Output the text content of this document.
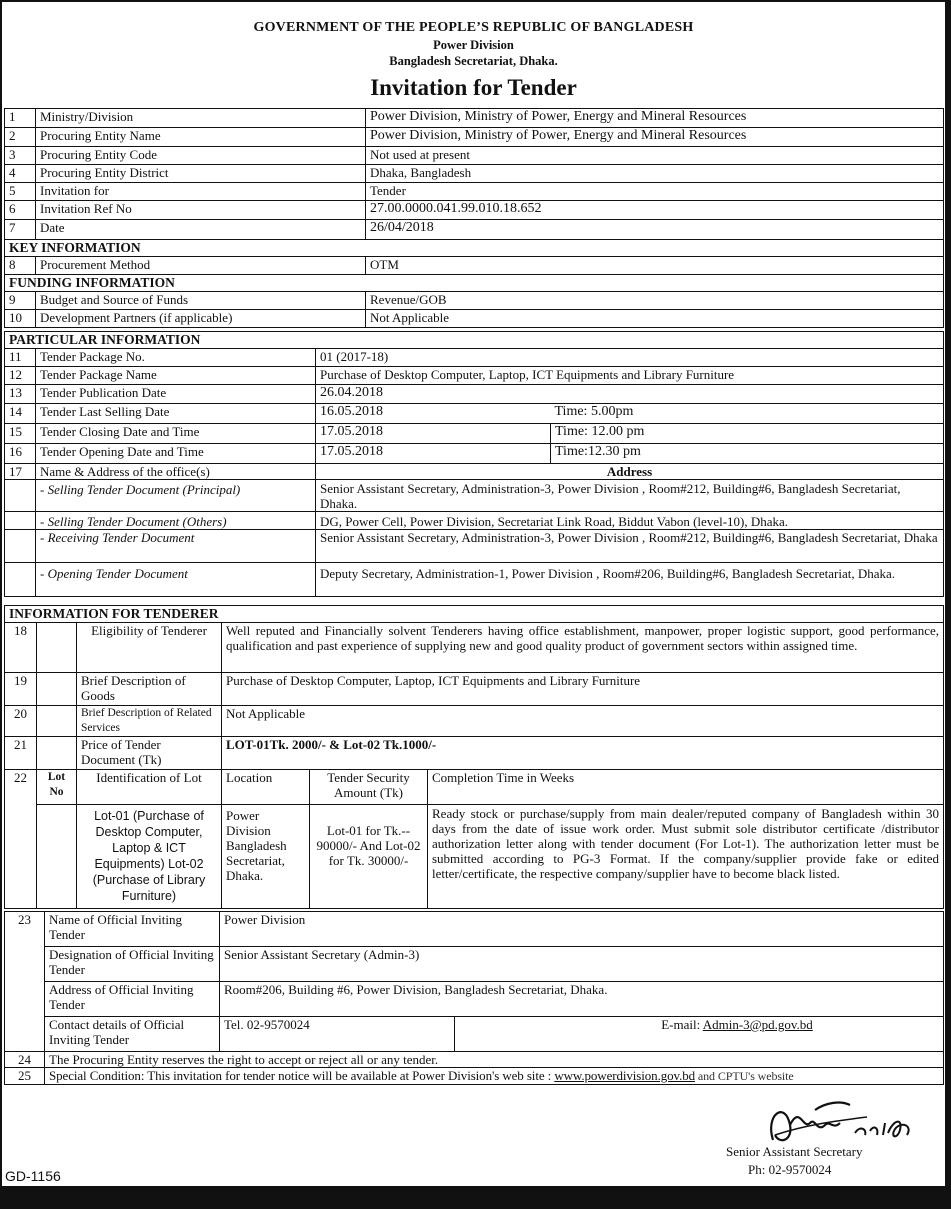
GOVERNMENT OF THE PEOPLE’S REPUBLIC OF BANGLADESH
Power Division
Bangladesh Secretariat, Dhaka.
Invitation for Tender
1	Ministry/Division	Power Division, Ministry of Power, Energy and Mineral Resources
2	Procuring Entity Name	Power Division, Ministry of Power, Energy and Mineral Resources
3	Procuring Entity Code	Not used at present
4	Procuring Entity District	Dhaka, Bangladesh
5	Invitation for	Tender
6	Invitation Ref No	27.00.0000.041.99.010.18.652
7	Date	26/04/2018
KEY INFORMATION		
8	Procurement Method	OTM
FUNDING INFORMATION		
9	Budget and Source of Funds	Revenue/GOB
10	Development Partners (if applicable)	Not Applicable
PARTICULAR INFORMATION			
11	Tender Package No.	01 (2017-18)	
12	Tender Package Name	Purchase of Desktop Computer, Laptop, ICT Equipments and Library Furniture	
13	Tender Publication Date	26.04.2018	
14	Tender Last Selling Date	16.05.2018	Time: 5.00pm
15	Tender Closing Date and Time	17.05.2018	Time: 12.00 pm
16	Tender Opening Date and Time	17.05.2018	Time:12.30 pm
17	Name & Address of the office(s)	Address	
	- Selling Tender Document (Principal)	Senior Assistant Secretary, Administration-3, Power Division , Room#212, Building#6, Bangladesh Secretariat, Dhaka.	
	- Selling Tender Document (Others)	DG, Power Cell, Power Division, Secretariat Link Road, Biddut Vabon (level-10), Dhaka.	
	- Receiving Tender Document	Senior Assistant Secretary, Administration-3, Power Division , Room#212, Building#6, Bangladesh Secretariat, Dhaka	
	- Opening Tender Document	Deputy Secretary, Administration-1, Power Division , Room#206, Building#6, Bangladesh Secretariat, Dhaka.	
INFORMATION FOR TENDERER					
18		Eligibility of Tenderer	Well reputed and Financially solvent Tenderers having office establishment, manpower, proper logistic support, good performance, qualification and past experience of supplying new and good quality product of government sectors within assigned time.		
19		Brief Description of Goods	Purchase of Desktop Computer, Laptop, ICT Equipments and Library Furniture		
20		Brief Description of Related Services	Not Applicable		
21		Price of Tender Document (Tk)	LOT-01Tk. 2000/- & Lot-02 Tk.1000/-		
22	Lot No	Identification of Lot	Location	Tender Security Amount (Tk)	Completion Time in Weeks
		Lot-01 (Purchase of Desktop Computer, Laptop & ICT Equipments) Lot-02 (Purchase of Library Furniture)	Power Division Bangladesh Secretariat, Dhaka.	Lot-01 for Tk.-- 90000/- And Lot-02 for Tk. 30000/-	Ready stock or purchase/supply from main dealer/reputed company of Bangladesh within 30 days from the date of issue work order. Must submit sole distributor certificate /distributor authorization letter along with tender document (For Lot-1). The authorization letter must be submitted according to PG-3 Format. If the company/supplier provide fake or edited letter/certificate, the respective company/supplier have to become black listed.
23	Name of Official Inviting Tender	Power Division	
	Designation of Official Inviting Tender	Senior Assistant Secretary (Admin-3)	
	Address of Official Inviting Tender	Room#206, Building #6, Power Division, Bangladesh Secretariat, Dhaka.	
	Contact details of Official Inviting Tender	Tel. 02-9570024	E-mail: Admin-3@pd.gov.bd
24	The Procuring Entity reserves the right to accept or reject all or any tender.		
25	Special Condition: This invitation for tender notice will be available at Power Division's web site : www.powerdivision.gov.bd and CPTU's website		
Senior Assistant Secretary
Ph: 02-9570024
GD-1156
